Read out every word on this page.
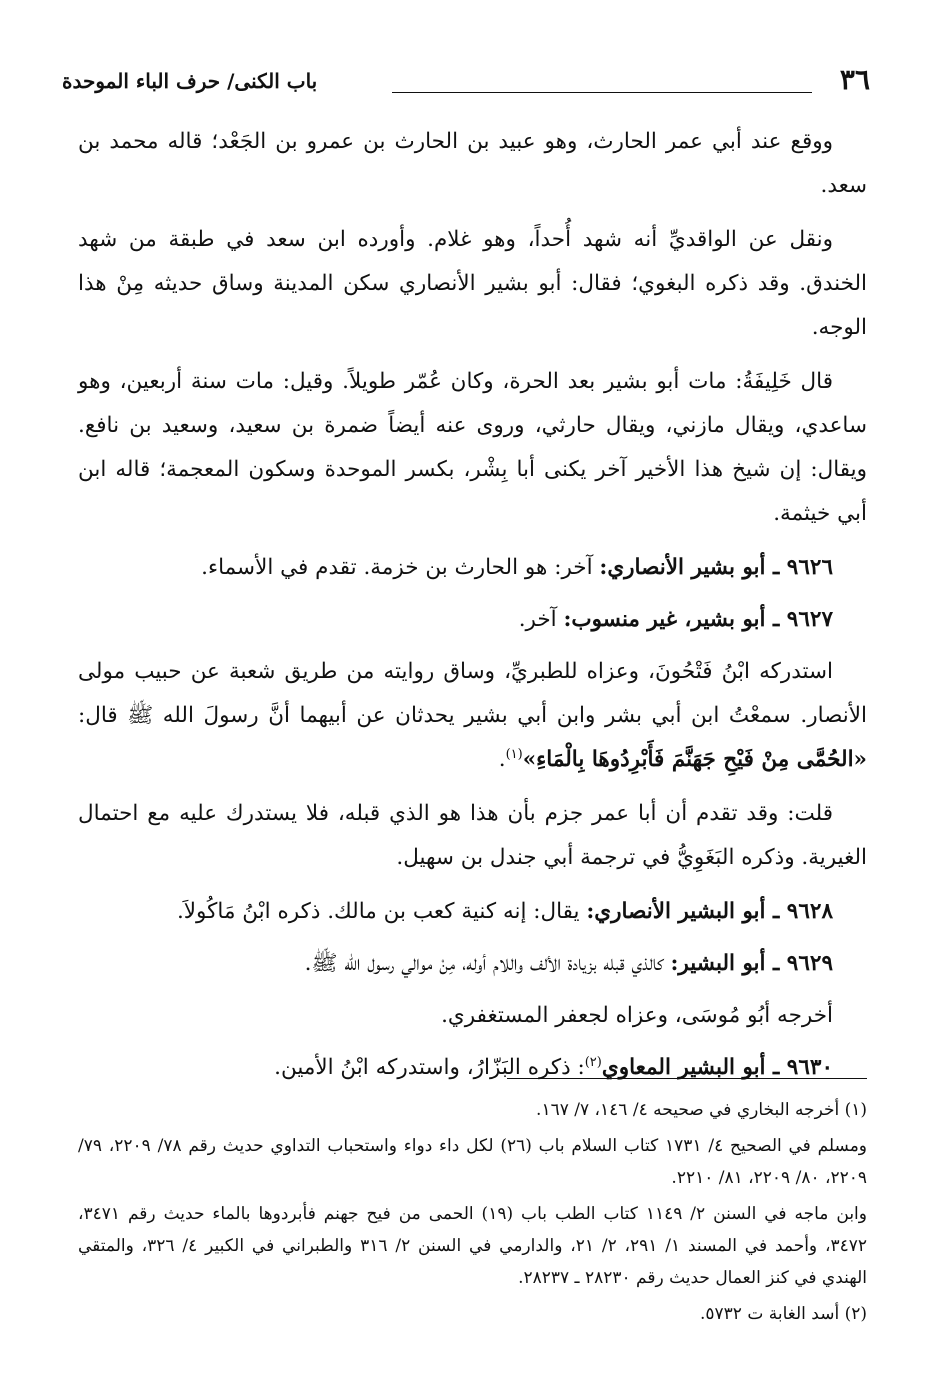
٣٦
باب الكنى/ حرف الباء الموحدة

ووقع عند أبي عمر الحارث، وهو عبيد بن الحارث بن عمرو بن الجَعْد؛ قاله محمد بن سعد.

ونقل عن الواقديِّ أنه شهد أُحداً، وهو غلام. وأورده ابن سعد في طبقة من شهد الخندق. وقد ذكره البغوي؛ فقال: أبو بشير الأنصاري سكن المدينة وساق حديثه مِنْ هذا الوجه.

قال خَلِيفَةُ: مات أبو بشير بعد الحرة، وكان عُمّر طويلاً. وقيل: مات سنة أربعين، وهو ساعدي، ويقال مازني، ويقال حارثي، وروى عنه أيضاً ضمرة بن سعيد، وسعيد بن نافع. ويقال: إن شيخ هذا الأخير آخر يكنى أبا بِشْر، بكسر الموحدة وسكون المعجمة؛ قاله ابن أبي خيثمة.

٩٦٢٦ ـ أبو بشير الأنصاري: آخر: هو الحارث بن خزمة. تقدم في الأسماء.

٩٦٢٧ ـ أبو بشير، غير منسوب: آخر.

استدركه ابْنُ فَتْحُونَ، وعزاه للطبريِّ، وساق روايته من طريق شعبة عن حبيب مولى الأنصار. سمعْتُ ابن أبي بشر وابن أبي بشير يحدثان عن أبيهما أنَّ رسولَ الله ﷺ قال: «الحُمَّى مِنْ فَيْحِ جَهَنَّمَ فَأَبْرِدُوهَا بِالْمَاءِ»$^{(١)}$.

قلت: وقد تقدم أن أبا عمر جزم بأن هذا هو الذي قبله، فلا يستدرك عليه مع احتمال الغيرية. وذكره البَغَوِيُّ في ترجمة أبي جندل بن سهيل.

٩٦٢٨ ـ أبو البشير الأنصاري: يقال: إنه كنية كعب بن مالك. ذكره ابْنُ مَاكُولاَ.

٩٦٢٩ ـ أبو البشير: كالذي قبله بزيادة الألف واللام أوله، مِنْ موالي رسول الله ﷺ.

أخرجه أبُو مُوسَى، وعزاه لجعفر المستغفري.

٩٦٣٠ ـ أبو البشير المعاوي$^{(٢)}$: ذكره البَزّارُ، واستدركه ابْنُ الأمين.

(١) أخرجه البخاري في صحيحه ٤/ ١٤٦، ٧/ ١٦٧.

ومسلم في الصحيح ٤/ ١٧٣١ كتاب السلام باب (٢٦) لكل داء دواء واستحباب التداوي حديث رقم ٧٨/ ٢٢٠٩، ٧٩/ ٢٢٠٩، ٨٠/ ٢٢٠٩، ٨١/ ٢٢١٠.

وابن ماجه في السنن ٢/ ١١٤٩ كتاب الطب باب (١٩) الحمى من فيح جهنم فأبردوها بالماء حديث رقم ٣٤٧١، ٣٤٧٢، وأحمد في المسند ١/ ٢٩١، ٢/ ٢١، والدارمي في السنن ٢/ ٣١٦ والطبراني في الكبير ٤/ ٣٢٦، والمتقي الهندي في كنز العمال حديث رقم ٢٨٢٣٠ ـ ٢٨٢٣٧.

(٢) أسد الغابة ت ٥٧٣٢.
